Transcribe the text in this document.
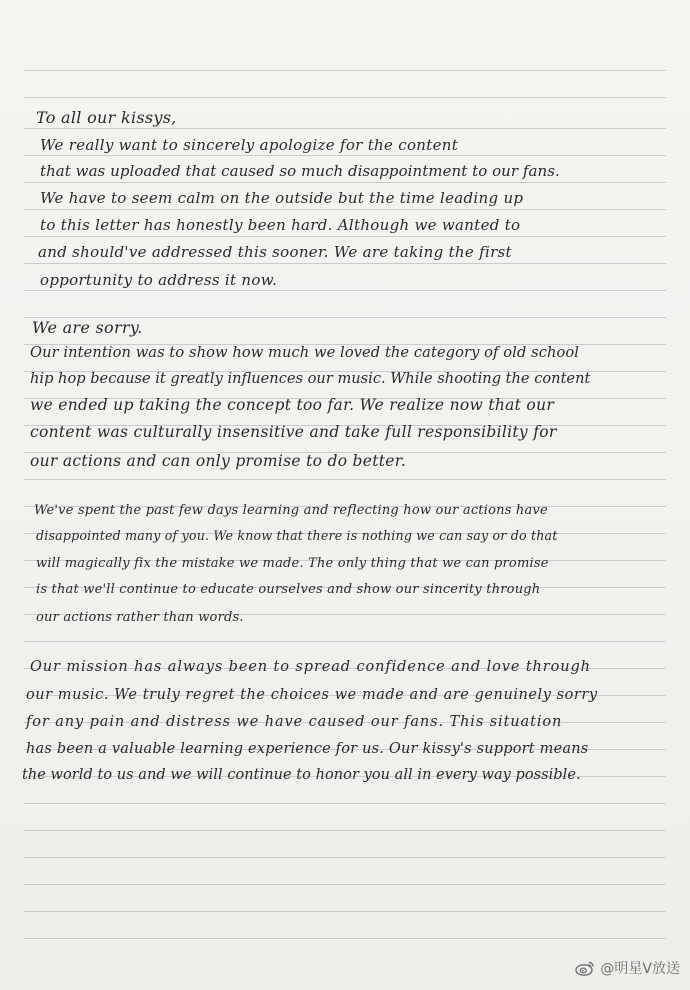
To all our kissys,
We really want to sincerely apologize for the content
that was uploaded that caused so much disappointment to our fans.
We have to seem calm on the outside but the time leading up
to this letter has honestly been hard. Although we wanted to
and should've addressed this sooner. We are taking the first
opportunity to address it now.
We are sorry.
Our intention was to show how much we loved the category of old school
hip hop because it greatly influences our music. While shooting the content
we ended up taking the concept too far. We realize now that our
content was culturally insensitive and take full responsibility for
our actions and can only promise to do better.
We've spent the past few days learning and reflecting how our actions have
disappointed many of you. We know that there is nothing we can say or do that
will magically fix the mistake we made. The only thing that we can promise
is that we'll continue to educate ourselves and show our sincerity through
our actions rather than words.
Our mission has always been to spread confidence and love through
our music. We truly regret the choices we made and are genuinely sorry
for any pain and distress we have caused our fans. This situation
has been a valuable learning experience for us. Our kissy's support means
the world to us and we will continue to honor you all in every way possible.
@明星V放送
